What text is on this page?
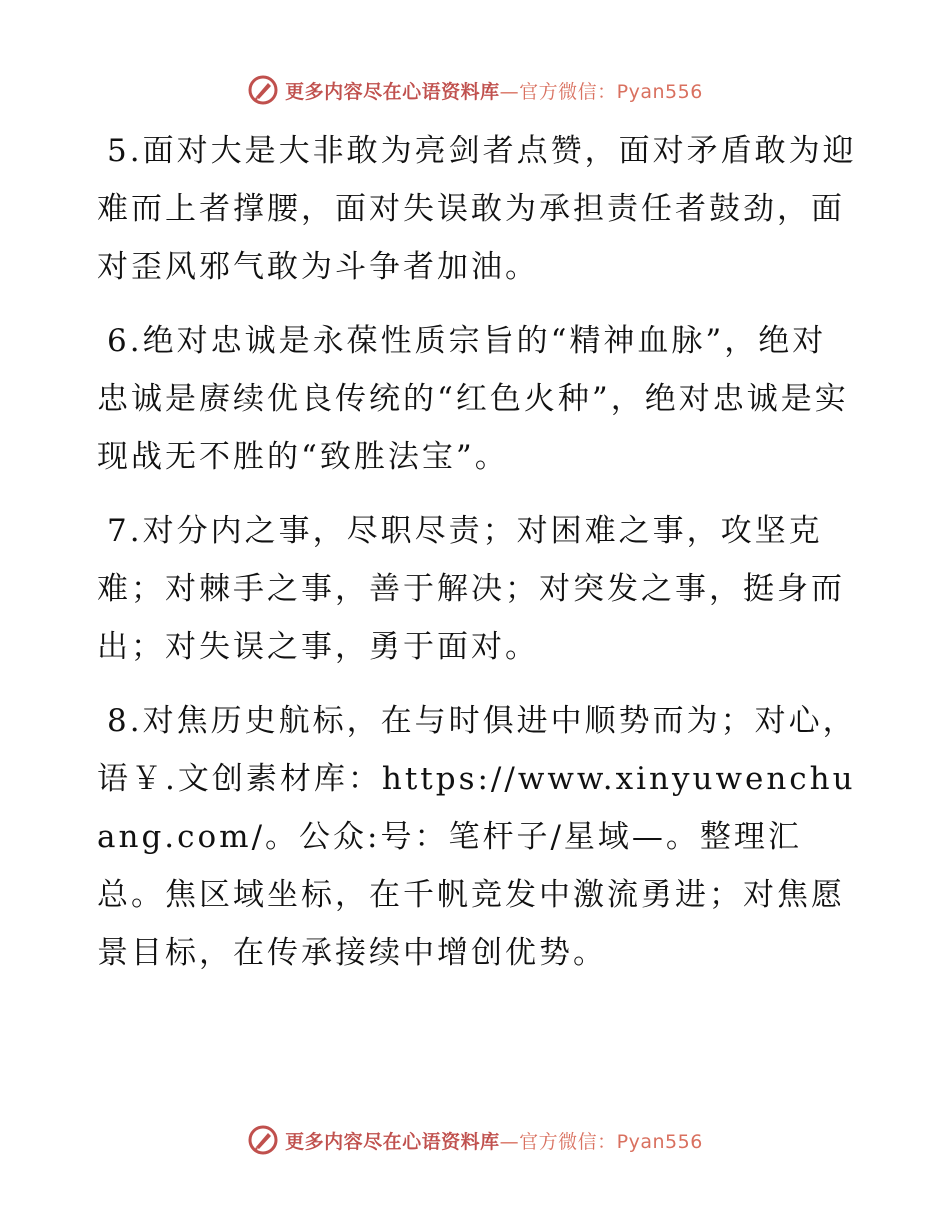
更多内容尽在心语资料库—官方微信：Pyan556

5.面对大是大非敢为亮剑者点赞，面对矛盾敢为迎难而上者撑腰，面对失误敢为承担责任者鼓劲，面对歪风邪气敢为斗争者加油。

6.绝对忠诚是永葆性质宗旨的“精神血脉”，绝对忠诚是赓续优良传统的“红色火种”，绝对忠诚是实现战无不胜的“致胜法宝”。

7.对分内之事，尽职尽责；对困难之事，攻坚克难；对棘手之事，善于解决；对突发之事，挺身而出；对失误之事，勇于面对。

8.对焦历史航标，在与时俱进中顺势而为；对心，语￥.文创素材库：https://www.xinyuwenchuang.com/。公众:号：笔杆子/星域—。整理汇总。焦区域坐标，在千帆竞发中激流勇进；对焦愿景目标，在传承接续中增创优势。

更多内容尽在心语资料库—官方微信：Pyan556
